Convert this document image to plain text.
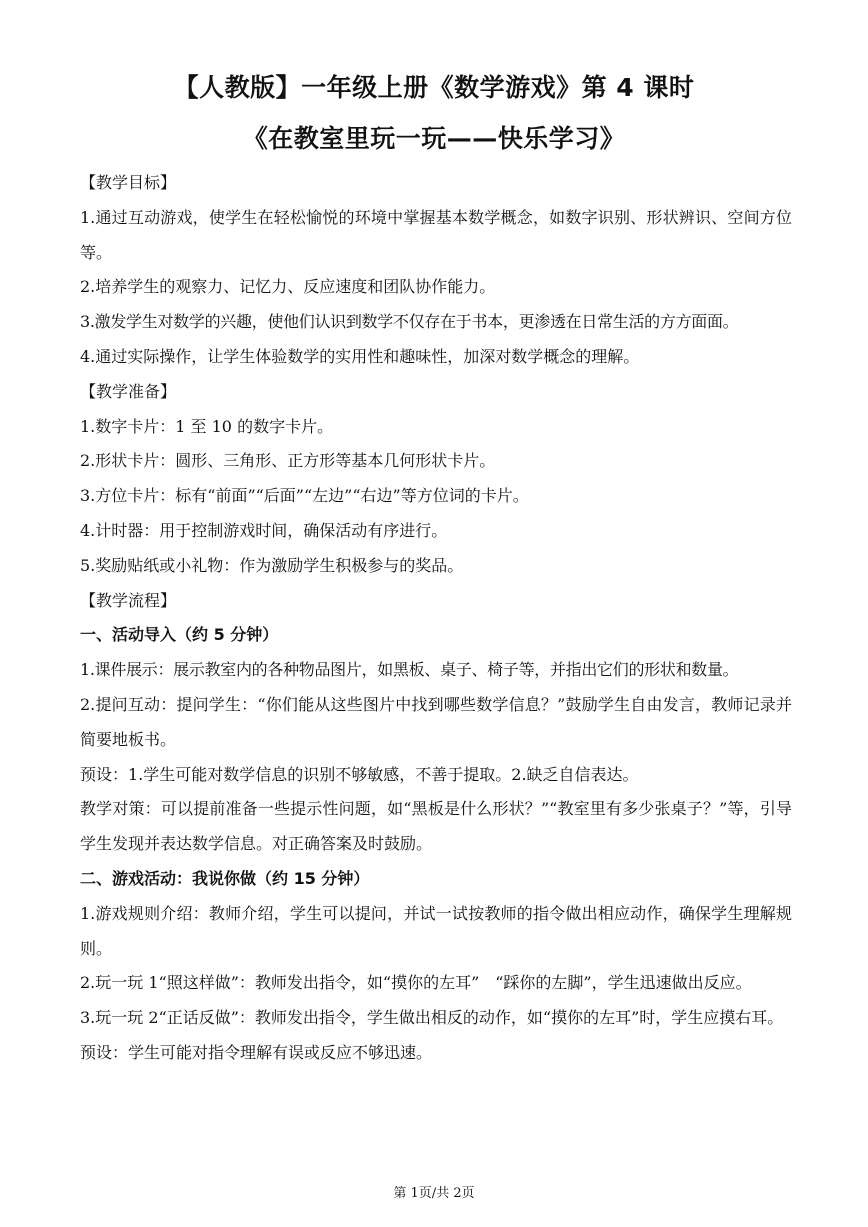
【人教版】一年级上册《数学游戏》第 4 课时
《在教室里玩一玩——快乐学习》

【教学目标】

1.通过互动游戏，使学生在轻松愉悦的环境中掌握基本数学概念，如数字识别、形状辨识、空间方位等。

2.培养学生的观察力、记忆力、反应速度和团队协作能力。

3.激发学生对数学的兴趣，使他们认识到数学不仅存在于书本，更渗透在日常生活的方方面面。

4.通过实际操作，让学生体验数学的实用性和趣味性，加深对数学概念的理解。

【教学准备】

1.数字卡片：1 至 10 的数字卡片。

2.形状卡片：圆形、三角形、正方形等基本几何形状卡片。

3.方位卡片：标有“前面”“后面”“左边”“右边”等方位词的卡片。

4.计时器：用于控制游戏时间，确保活动有序进行。

5.奖励贴纸或小礼物：作为激励学生积极参与的奖品。

【教学流程】

一、活动导入（约 5 分钟）

1.课件展示：展示教室内的各种物品图片，如黑板、桌子、椅子等，并指出它们的形状和数量。

2.提问互动：提问学生：“你们能从这些图片中找到哪些数学信息？”鼓励学生自由发言，教师记录并简要地板书。

预设：1.学生可能对数学信息的识别不够敏感，不善于提取。2.缺乏自信表达。

教学对策：可以提前准备一些提示性问题，如“黑板是什么形状？”“教室里有多少张桌子？”等，引导学生发现并表达数学信息。对正确答案及时鼓励。

二、游戏活动：我说你做（约 15 分钟）

1.游戏规则介绍：教师介绍，学生可以提问，并试一试按教师的指令做出相应动作，确保学生理解规则。

2.玩一玩 1“照这样做”：教师发出指令，如“摸你的左耳”　“踩你的左脚”，学生迅速做出反应。

3.玩一玩 2“正话反做”：教师发出指令，学生做出相反的动作，如“摸你的左耳”时，学生应摸右耳。

预设：学生可能对指令理解有误或反应不够迅速。

第 1页/共 2页
